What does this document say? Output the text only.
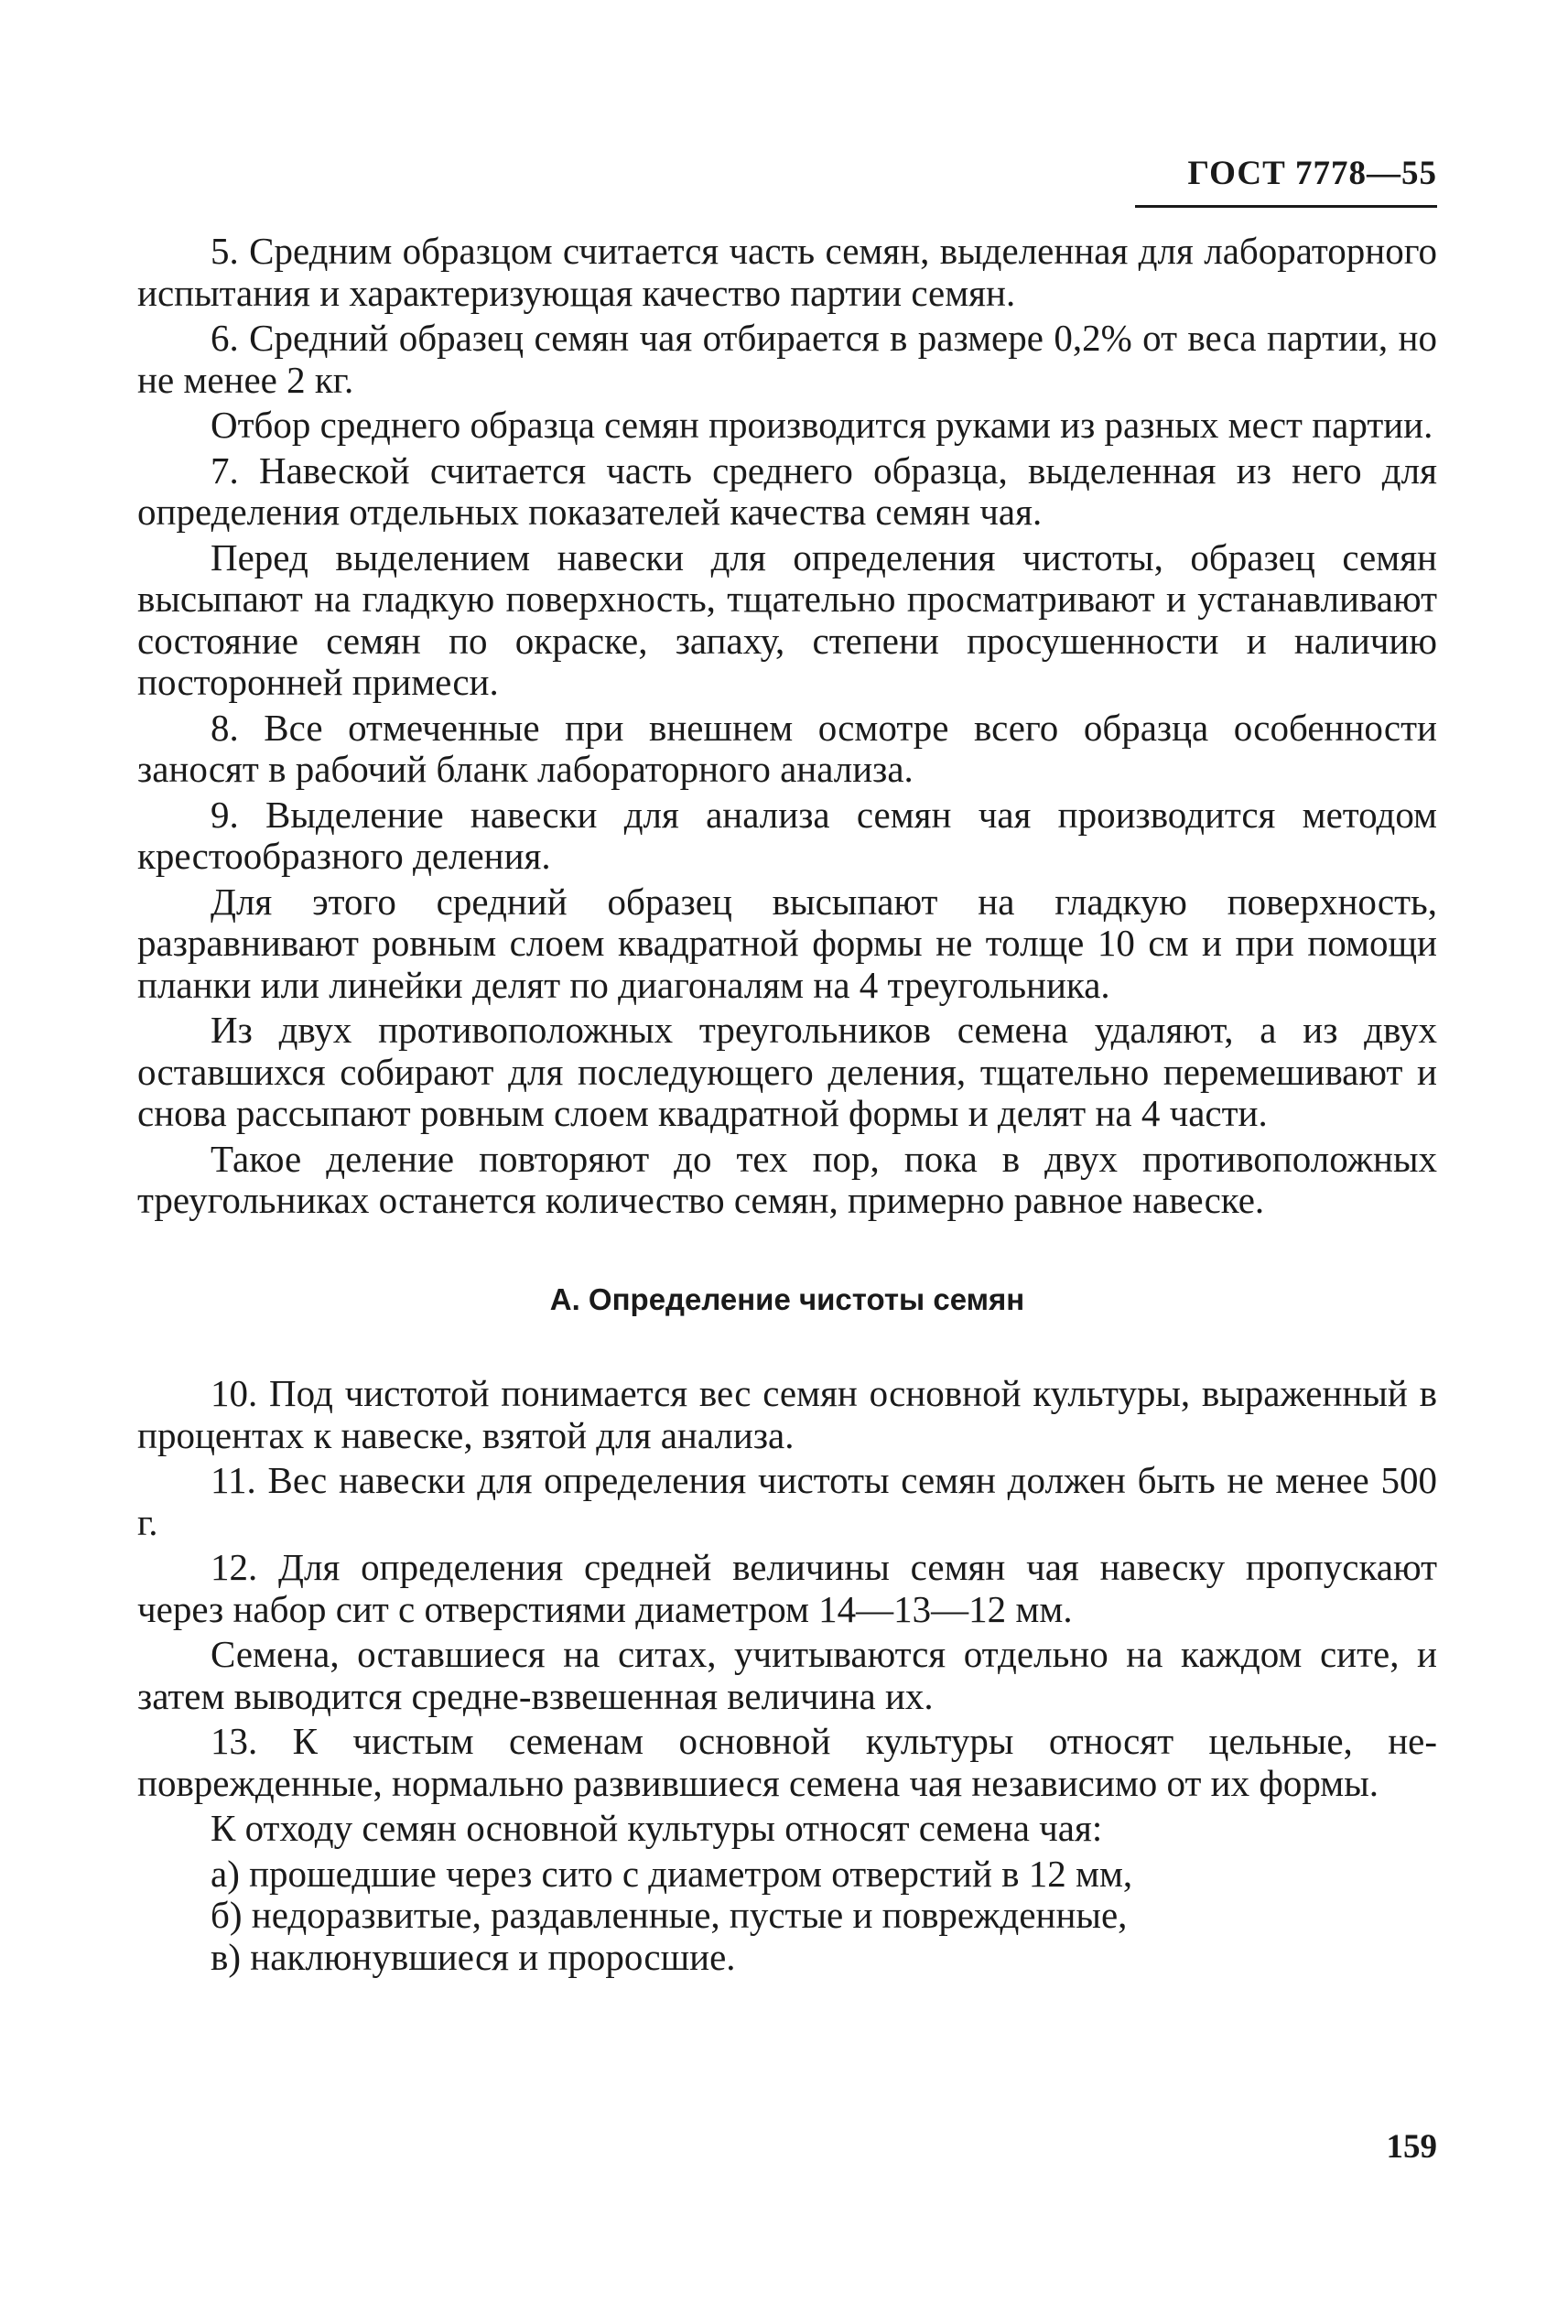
ГОСТ 7778—55

5. Средним образцом считается часть семян, выделенная для лабораторного испытания и характеризующая качество партии семян.

6. Средний образец семян чая отбирается в размере 0,2% от веса партии, но не менее 2 кг.

Отбор среднего образца семян производится руками из разных мест партии.

7. Навеской считается часть среднего образца, выделенная из него для определения отдельных показателей качества семян чая.

Перед выделением навески для определения чистоты, образец семян высыпают на гладкую поверхность, тщательно просматривают и устанавливают состояние семян по окраске, запаху, степени просушенности и наличию посторонней примеси.

8. Все отмеченные при внешнем осмотре всего образца особенности заносят в рабочий бланк лабораторного анализа.

9. Выделение навески для анализа семян чая производится методом крестообразного деления.

Для этого средний образец высыпают на гладкую поверхность, разравнивают ровным слоем квадратной формы не толще 10 см и при помощи планки или линейки делят по диагоналям на 4 треугольника.

Из двух противоположных треугольников семена удаляют, а из двух оставшихся собирают для последующего деления, тщательно перемешивают и снова рассыпают ровным слоем квадратной формы и делят на 4 части.

Такое деление повторяют до тех пор, пока в двух противоположных треугольниках останется количество семян, примерно равное навеске.

А. Определение чистоты семян

10. Под чистотой понимается вес семян основной культуры, выраженный в процентах к навеске, взятой для анализа.

11. Вес навески для определения чистоты семян должен быть не менее 500 г.

12. Для определения средней величины семян чая навеску пропускают через набор сит с отверстиями диаметром 14—13—12 мм.

Семена, оставшиеся на ситах, учитываются отдельно на каждом сите, и затем выводится средне-взвешенная величина их.

13. К чистым семенам основной культуры относят цельные, неповрежденные, нормально развившиеся семена чая независимо от их формы.

К отходу семян основной культуры относят семена чая:

а) прошедшие через сито с диаметром отверстий в 12 мм,

б) недоразвитые, раздавленные, пустые и поврежденные,

в) наклюнувшиеся и проросшие.

159
